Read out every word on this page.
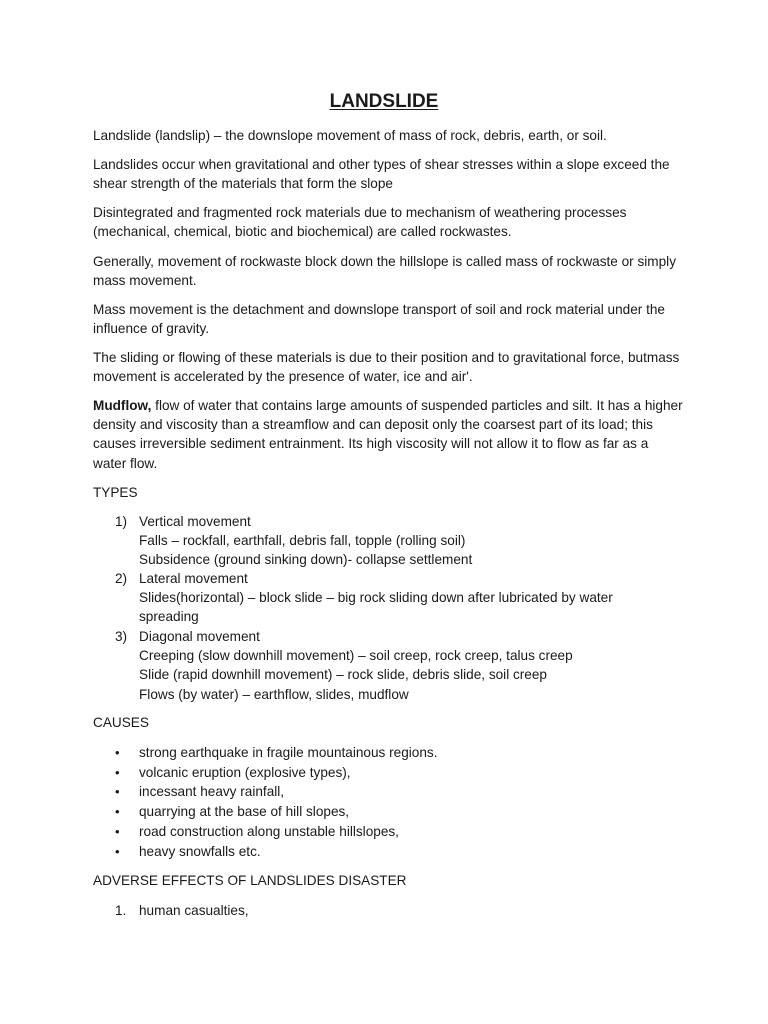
LANDSLIDE

Landslide (landslip) – the downslope movement of mass of rock, debris, earth, or soil.

Landslides occur when gravitational and other types of shear stresses within a slope exceed the shear strength of the materials that form the slope

Disintegrated and fragmented rock materials due to mechanism of weathering processes (mechanical, chemical, biotic and biochemical) are called rockwastes.

Generally, movement of rockwaste block down the hillslope is called mass of rockwaste or simply mass movement.

Mass movement is the detachment and downslope transport of soil and rock material under the influence of gravity.

The sliding or flowing of these materials is due to their position and to gravitational force, butmass movement is accelerated by the presence of water, ice and air'.

Mudflow, flow of water that contains large amounts of suspended particles and silt. It has a higher density and viscosity than a streamflow and can deposit only the coarsest part of its load; this causes irreversible sediment entrainment. Its high viscosity will not allow it to flow as far as a water flow.

TYPES

1) Vertical movement
Falls – rockfall, earthfall, debris fall, topple (rolling soil)
Subsidence (ground sinking down)- collapse settlement
2) Lateral movement
Slides(horizontal) – block slide – big rock sliding down after lubricated by water spreading
3) Diagonal movement
Creeping (slow downhill movement) – soil creep, rock creep, talus creep
Slide (rapid downhill movement) – rock slide, debris slide, soil creep
Flows (by water) – earthflow, slides, mudflow

CAUSES

• strong earthquake in fragile mountainous regions.
• volcanic eruption (explosive types),
• incessant heavy rainfall,
• quarrying at the base of hill slopes,
• road construction along unstable hillslopes,
• heavy snowfalls etc.

ADVERSE EFFECTS OF LANDSLIDES DISASTER

1. human casualties,
